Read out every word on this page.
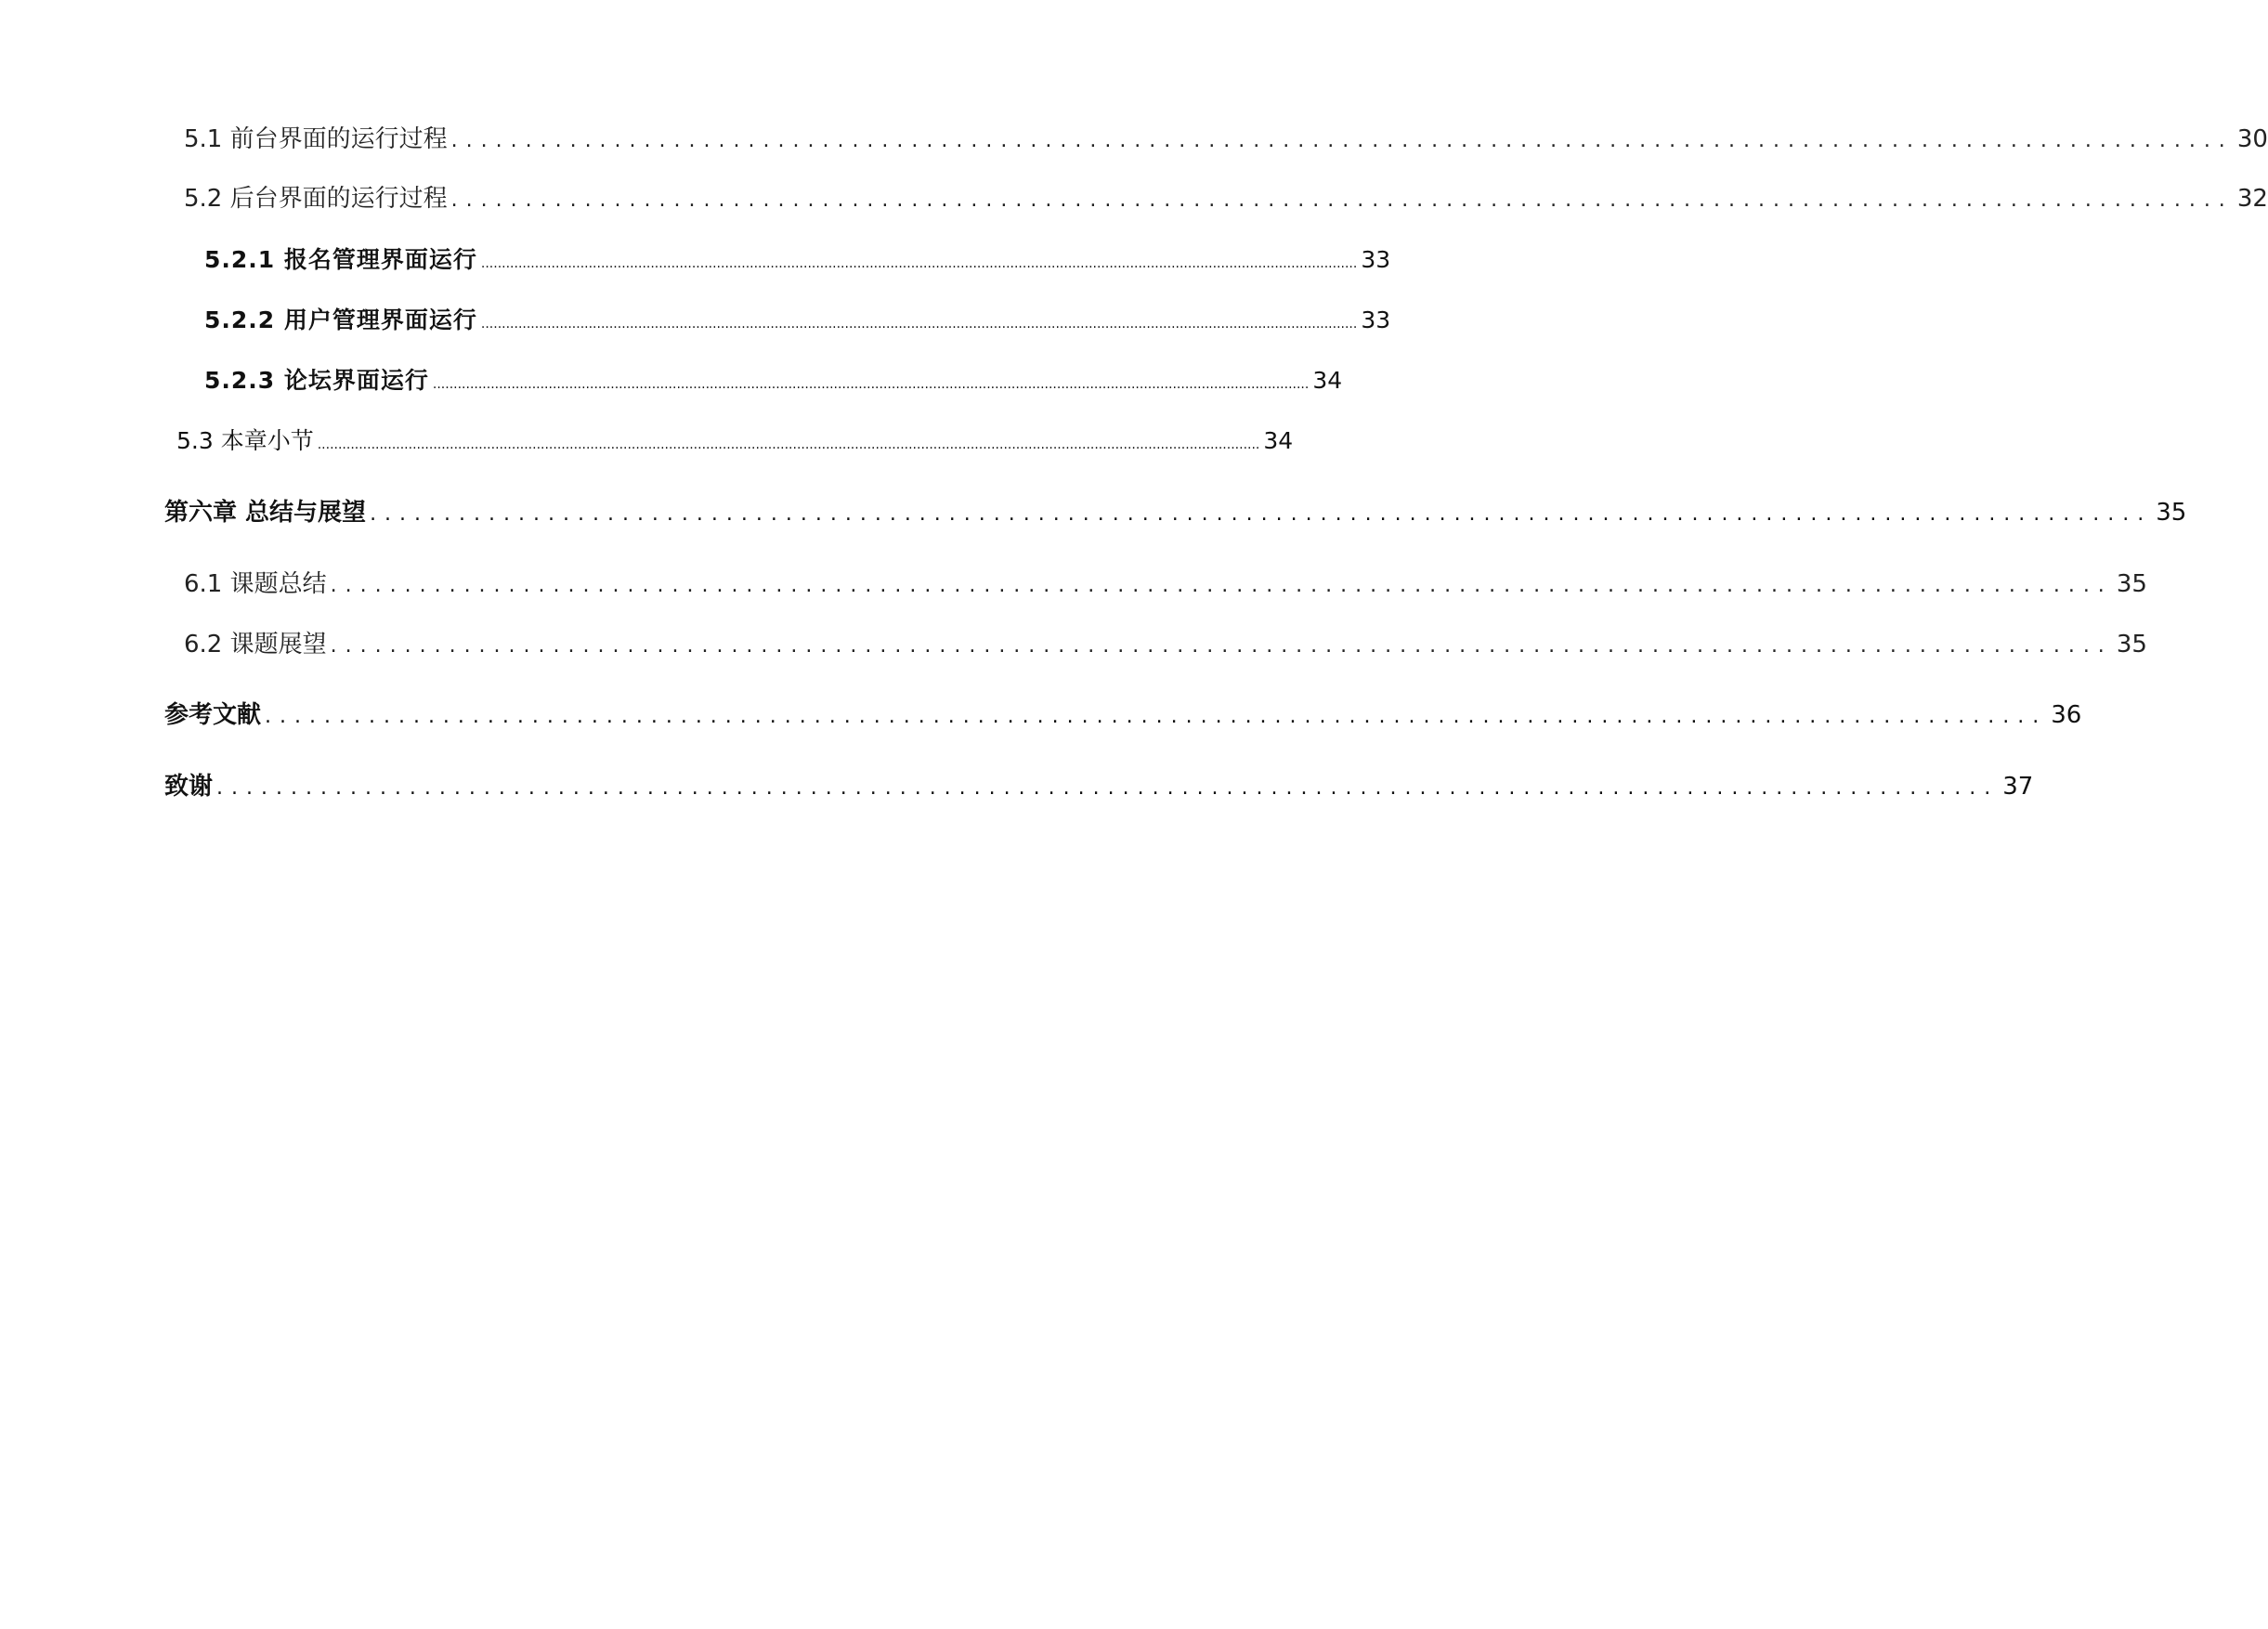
5.1 前台界面的运行过程 ........................................................................................................................ 30
5.2 后台界面的运行过程 ........................................................................................................................ 32
5.2.1 报名管理界面运行 .................................................................................................................................................................................................................... 33
5.2.2 用户管理界面运行 .................................................................................................................................................................................................................... 33
5.2.3 论坛界面运行 .................................................................................................................................................................................................................... 34
5.3 本章小节 .................................................................................................................................................................................................................................... 34
第六章 总结与展望 ........................................................................................................................ 35
6.1 课题总结 ........................................................................................................................ 35
6.2 课题展望 ........................................................................................................................ 35
参考文献 ........................................................................................................................ 36
致谢 ........................................................................................................................ 37
